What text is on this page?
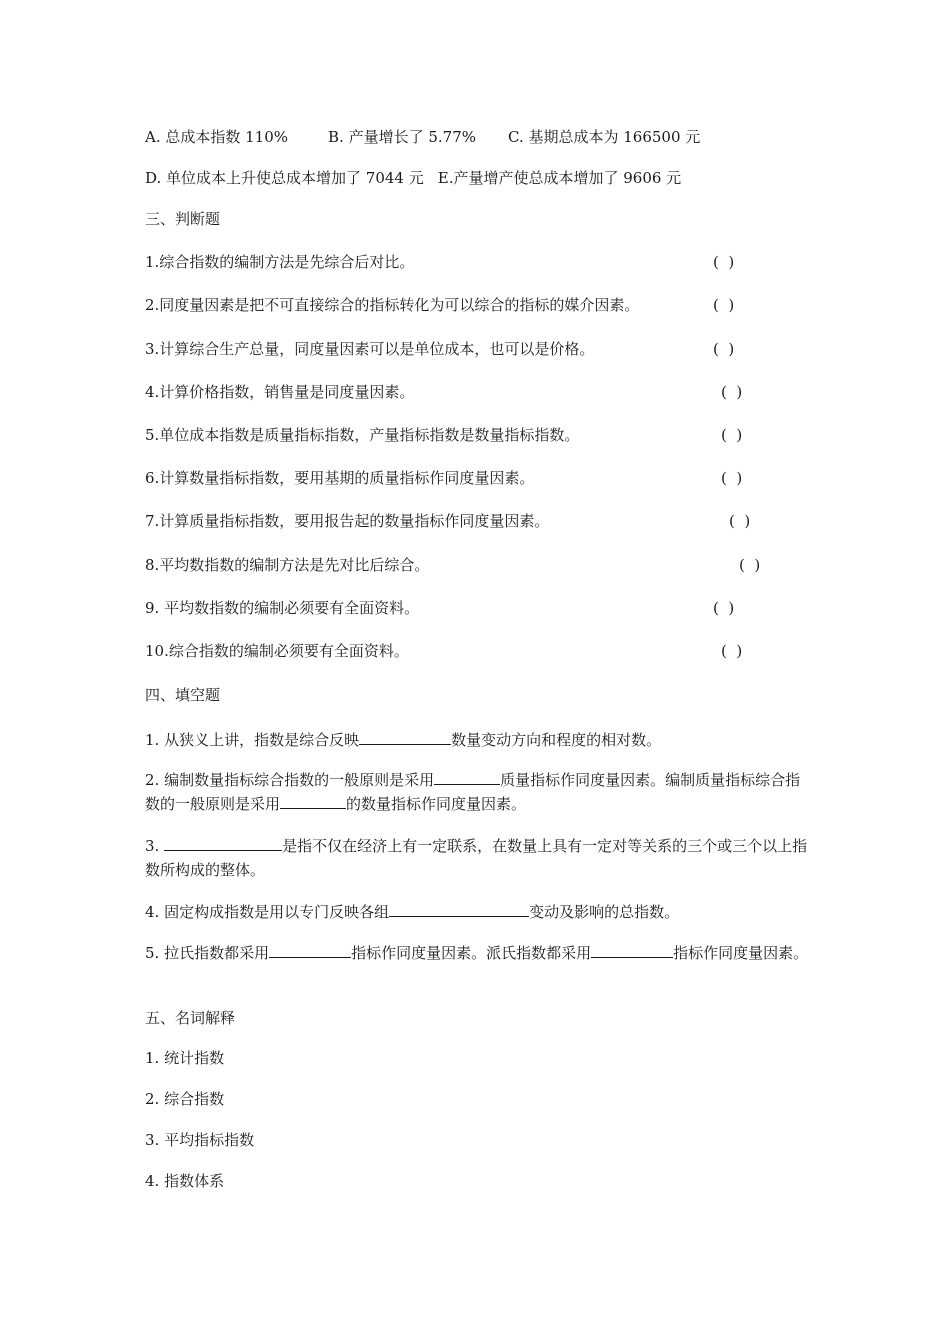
A. 总成本指数 110%	B. 产量增长了 5.77% C. 基期总成本为 166500 元
D. 单位成本上升使总成本增加了 7044 元 E.产量增产使总成本增加了 9606 元
三、判断题
1.综合指数的编制方法是先综合后对比。	(  )
2.同度量因素是把不可直接综合的指标转化为可以综合的指标的媒介因素。	(  )
3.计算综合生产总量，同度量因素可以是单位成本，也可以是价格。	(  )
4.计算价格指数，销售量是同度量因素。	(  )
5.单位成本指数是质量指标指数，产量指标指数是数量指标指数。	(  )
6.计算数量指标指数，要用基期的质量指标作同度量因素。	(  )
7.计算质量指标指数，要用报告起的数量指标作同度量因素。	(  )
8.平均数指数的编制方法是先对比后综合。	(  )
9. 平均数指数的编制必须要有全面资料。	(  )
10.综合指数的编制必须要有全面资料。	(  )
四、填空题
1. 从狭义上讲，指数是综合反映	数量变动方向和程度的相对数。
2. 编制数量指标综合指数的一般原则是采用	质量指标作同度量因素。编制质量指标综合指数的一般原则是采用	的数量指标作同度量因素。
3.	是指不仅在经济上有一定联系，在数量上具有一定对等关系的三个或三个以上指数所构成的整体。
4. 固定构成指数是用以专门反映各组	变动及影响的总指数。
5. 拉氏指数都采用	指标作同度量因素。派氏指数都采用	指标作同度量因素。
五、名词解释
1. 统计指数
2. 综合指数
3. 平均指标指数
4. 指数体系
